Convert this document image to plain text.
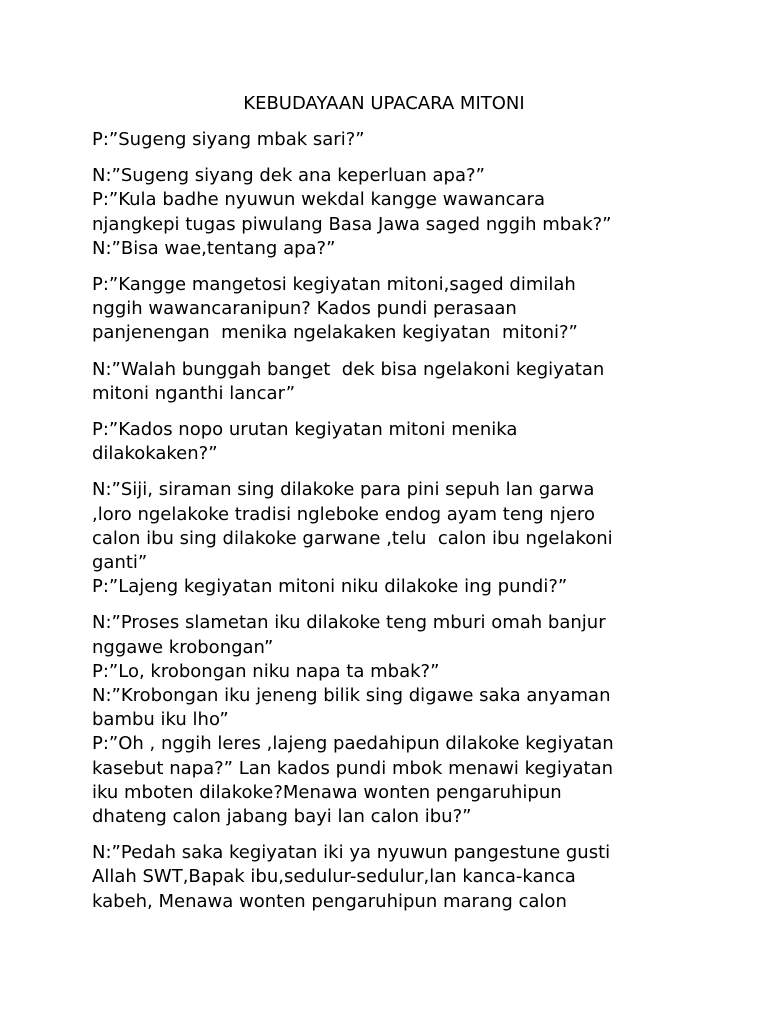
KEBUDAYAAN UPACARA MITONI
P:”Sugeng siyang mbak sari?”
N:”Sugeng siyang dek ana keperluan apa?”
P:”Kula badhe nyuwun wekdal kangge wawancara
njangkepi tugas piwulang Basa Jawa saged nggih mbak?”
N:”Bisa wae,tentang apa?”
P:”Kangge mangetosi kegiyatan mitoni,saged dimilah
nggih wawancaranipun? Kados pundi perasaan
panjenengan  menika ngelakaken kegiyatan  mitoni?”
N:”Walah bunggah banget  dek bisa ngelakoni kegiyatan
mitoni nganthi lancar”
P:”Kados nopo urutan kegiyatan mitoni menika
dilakokaken?”
N:”Siji, siraman sing dilakoke para pini sepuh lan garwa
,loro ngelakoke tradisi ngleboke endog ayam teng njero
calon ibu sing dilakoke garwane ,telu  calon ibu ngelakoni
ganti”
P:”Lajeng kegiyatan mitoni niku dilakoke ing pundi?”
N:”Proses slametan iku dilakoke teng mburi omah banjur
nggawe krobongan”
P:”Lo, krobongan niku napa ta mbak?”
N:”Krobongan iku jeneng bilik sing digawe saka anyaman
bambu iku lho”
P:”Oh , nggih leres ,lajeng paedahipun dilakoke kegiyatan
kasebut napa?” Lan kados pundi mbok menawi kegiyatan
iku mboten dilakoke?Menawa wonten pengaruhipun
dhateng calon jabang bayi lan calon ibu?”
N:”Pedah saka kegiyatan iki ya nyuwun pangestune gusti
Allah SWT,Bapak ibu,sedulur-sedulur,lan kanca-kanca
kabeh, Menawa wonten pengaruhipun marang calon
